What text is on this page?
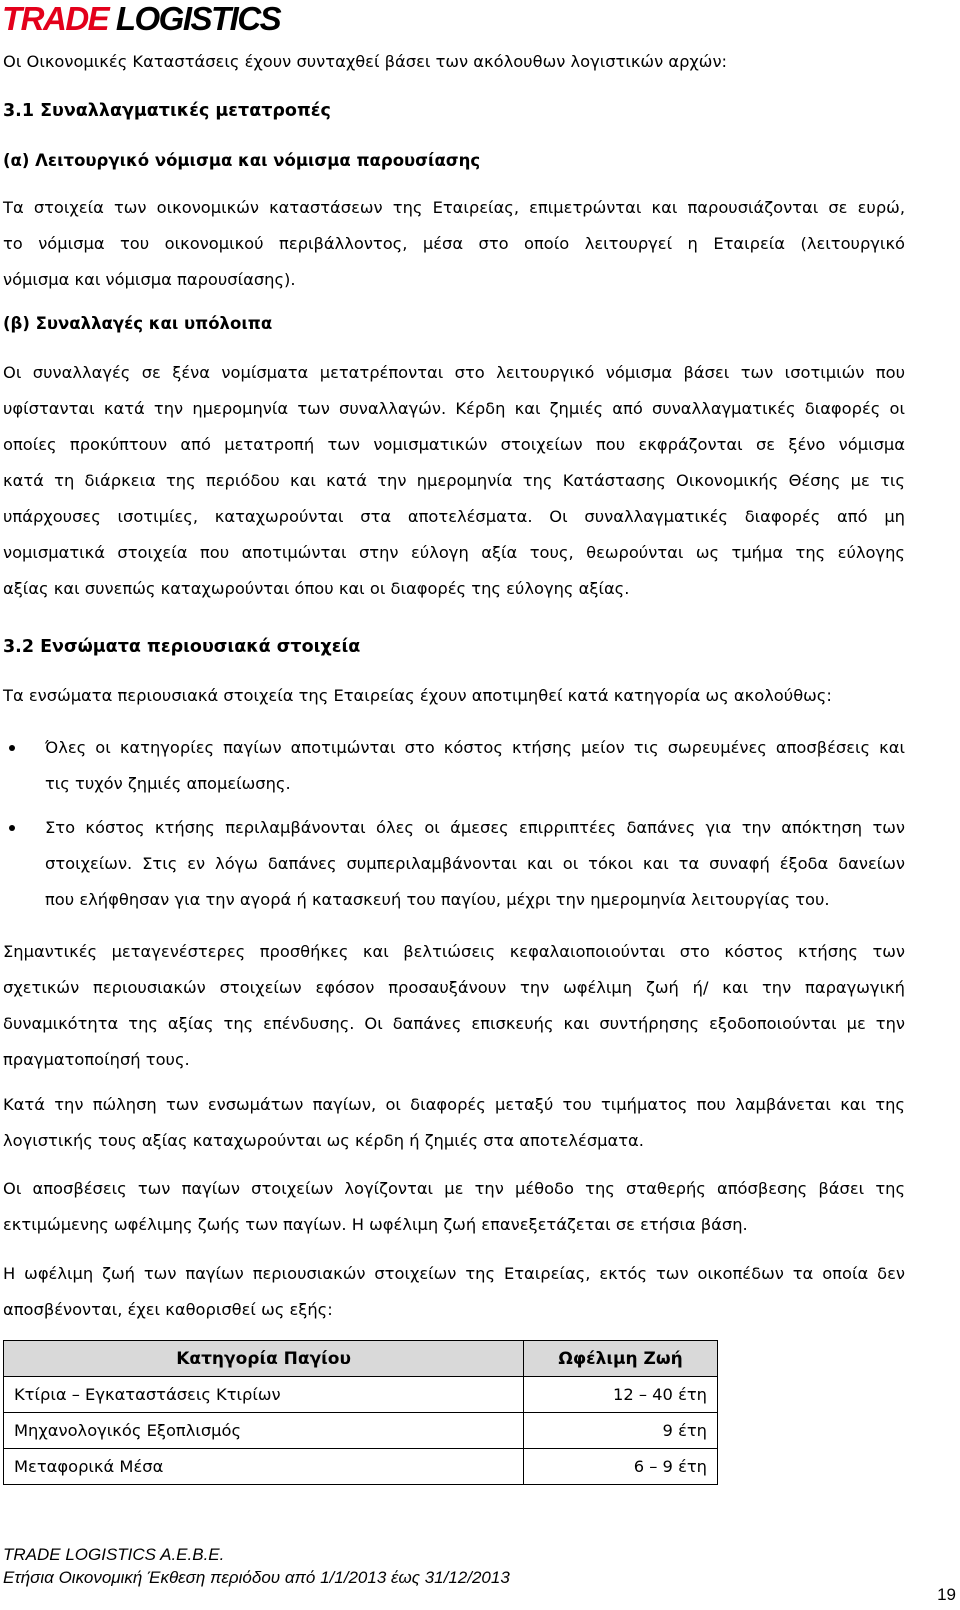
TRADE LOGISTICS
Οι Οικονομικές Καταστάσεις έχουν συνταχθεί βάσει των ακόλουθων λογιστικών αρχών:
3.1 Συναλλαγματικές μετατροπές
(α) Λειτουργικό νόμισμα και νόμισμα παρουσίασης
Τα στοιχεία των οικονομικών καταστάσεων της Εταιρείας, επιμετρώνται και παρουσιάζονται σε ευρώ,
το νόμισμα του οικονομικού περιβάλλοντος, μέσα στο οποίο λειτουργεί η Εταιρεία (λειτουργικό
νόμισμα και νόμισμα παρουσίασης).
(β) Συναλλαγές και υπόλοιπα
Οι συναλλαγές σε ξένα νομίσματα μετατρέπονται στο λειτουργικό νόμισμα βάσει των ισοτιμιών που
υφίστανται κατά την ημερομηνία των συναλλαγών. Κέρδη και ζημιές από συναλλαγματικές διαφορές οι
οποίες προκύπτουν από μετατροπή των νομισματικών στοιχείων που εκφράζονται σε ξένο νόμισμα
κατά τη διάρκεια της περιόδου και κατά την ημερομηνία της Κατάστασης Οικονομικής Θέσης με τις
υπάρχουσες ισοτιμίες, καταχωρούνται στα αποτελέσματα. Οι συναλλαγματικές διαφορές από μη
νομισματικά στοιχεία που αποτιμώνται στην εύλογη αξία τους, θεωρούνται ως τμήμα της εύλογης
αξίας και συνεπώς καταχωρούνται όπου και οι διαφορές της εύλογης αξίας.
3.2 Ενσώματα περιουσιακά στοιχεία
Τα ενσώματα περιουσιακά στοιχεία της Εταιρείας έχουν αποτιμηθεί κατά κατηγορία ως ακολούθως:
Όλες οι κατηγορίες παγίων αποτιμώνται στο κόστος κτήσης μείον τις σωρευμένες αποσβέσεις και
τις τυχόν ζημιές απομείωσης.
Στο κόστος κτήσης περιλαμβάνονται όλες οι άμεσες επιρριπτέες δαπάνες για την απόκτηση των
στοιχείων. Στις εν λόγω δαπάνες συμπεριλαμβάνονται και οι τόκοι και τα συναφή έξοδα δανείων
που ελήφθησαν για την αγορά ή κατασκευή του παγίου, μέχρι την ημερομηνία λειτουργίας του.
Σημαντικές μεταγενέστερες προσθήκες και βελτιώσεις κεφαλαιοποιούνται στο κόστος κτήσης των
σχετικών περιουσιακών στοιχείων εφόσον προσαυξάνουν την ωφέλιμη ζωή ή/ και την παραγωγική
δυναμικότητα της αξίας της επένδυσης. Οι δαπάνες επισκευής και συντήρησης εξοδοποιούνται με την
πραγματοποίησή τους.
Κατά την πώληση των ενσωμάτων παγίων, οι διαφορές μεταξύ του τιμήματος που λαμβάνεται και της
λογιστικής τους αξίας καταχωρούνται ως κέρδη ή ζημιές στα αποτελέσματα.
Οι αποσβέσεις των παγίων στοιχείων λογίζονται με την μέθοδο της σταθερής απόσβεσης βάσει της
εκτιμώμενης ωφέλιμης ζωής των παγίων. Η ωφέλιμη ζωή επανεξετάζεται σε ετήσια βάση.
Η ωφέλιμη ζωή των παγίων περιουσιακών στοιχείων της Εταιρείας, εκτός των οικοπέδων τα οποία δεν
αποσβένονται, έχει καθορισθεί ως εξής:
Κατηγορία Παγίου	Ωφέλιμη Ζωή
Κτίρια – Εγκαταστάσεις Κτιρίων	12 – 40 έτη
Μηχανολογικός Εξοπλισμός	9 έτη
Μεταφορικά Μέσα	6 – 9 έτη
TRADE LOGISTICS A.E.B.E.
Ετήσια Οικονομική Έκθεση περιόδου από 1/1/2013 έως 31/12/2013
19
